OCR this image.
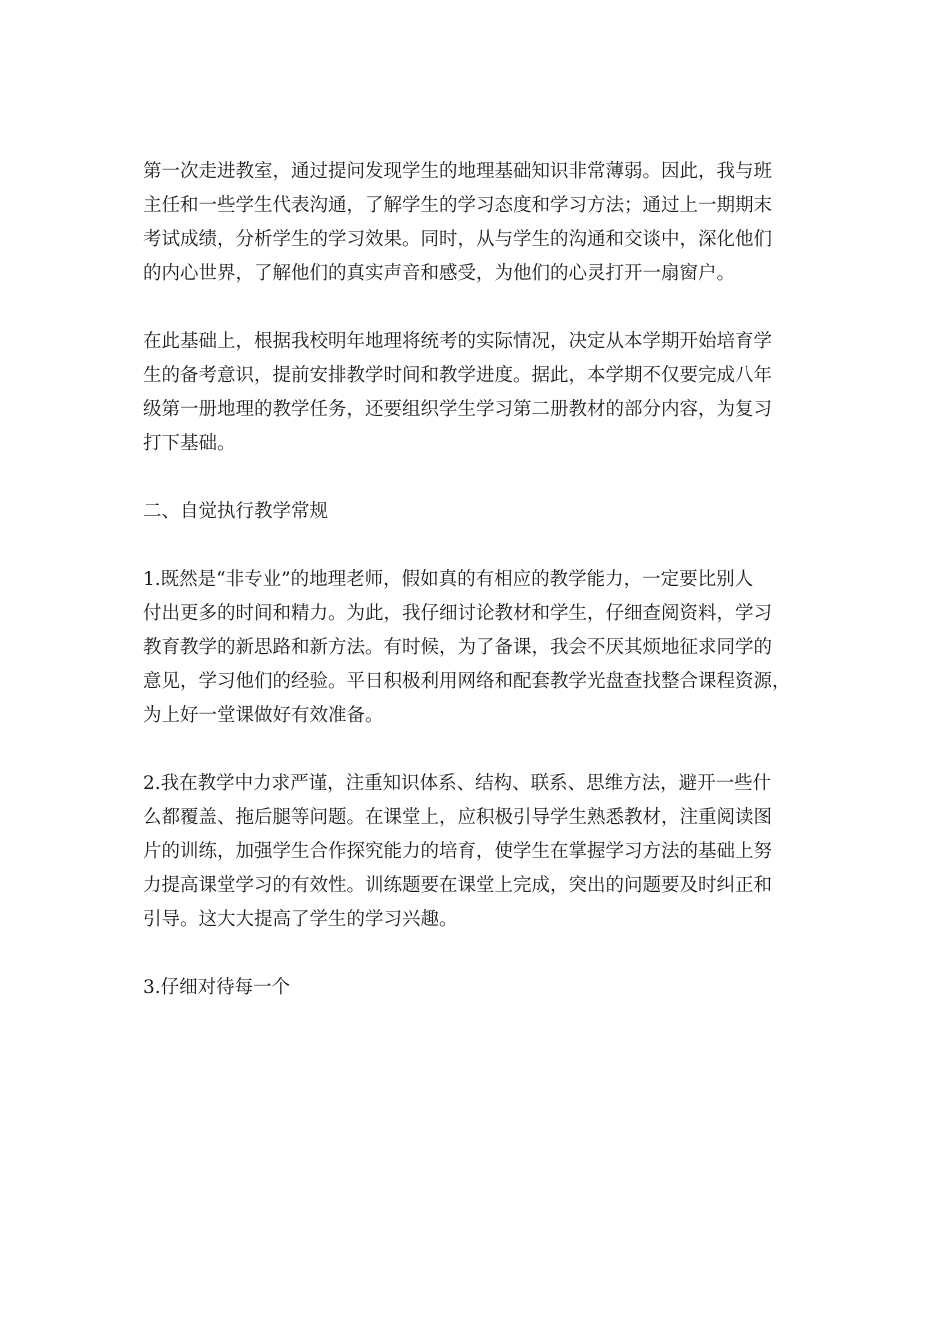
第一次走进教室，通过提问发现学生的地理基础知识非常薄弱。因此，我与班
主任和一些学生代表沟通，了解学生的学习态度和学习方法；通过上一期期末
考试成绩，分析学生的学习效果。同时，从与学生的沟通和交谈中，深化他们
的内心世界，了解他们的真实声音和感受，为他们的心灵打开一扇窗户。
在此基础上，根据我校明年地理将统考的实际情况，决定从本学期开始培育学
生的备考意识，提前安排教学时间和教学进度。据此，本学期不仅要完成八年
级第一册地理的教学任务，还要组织学生学习第二册教材的部分内容，为复习
打下基础。
二、自觉执行教学常规
1.既然是“非专业”的地理老师，假如真的有相应的教学能力，一定要比别人
付出更多的时间和精力。为此，我仔细讨论教材和学生，仔细查阅资料，学习
教育教学的新思路和新方法。有时候，为了备课，我会不厌其烦地征求同学的
意见，学习他们的经验。平日积极利用网络和配套教学光盘查找整合课程资源，
为上好一堂课做好有效准备。
2.我在教学中力求严谨，注重知识体系、结构、联系、思维方法，避开一些什
么都覆盖、拖后腿等问题。在课堂上，应积极引导学生熟悉教材，注重阅读图
片的训练，加强学生合作探究能力的培育，使学生在掌握学习方法的基础上努
力提高课堂学习的有效性。训练题要在课堂上完成，突出的问题要及时纠正和
引导。这大大提高了学生的学习兴趣。
3.仔细对待每一个
